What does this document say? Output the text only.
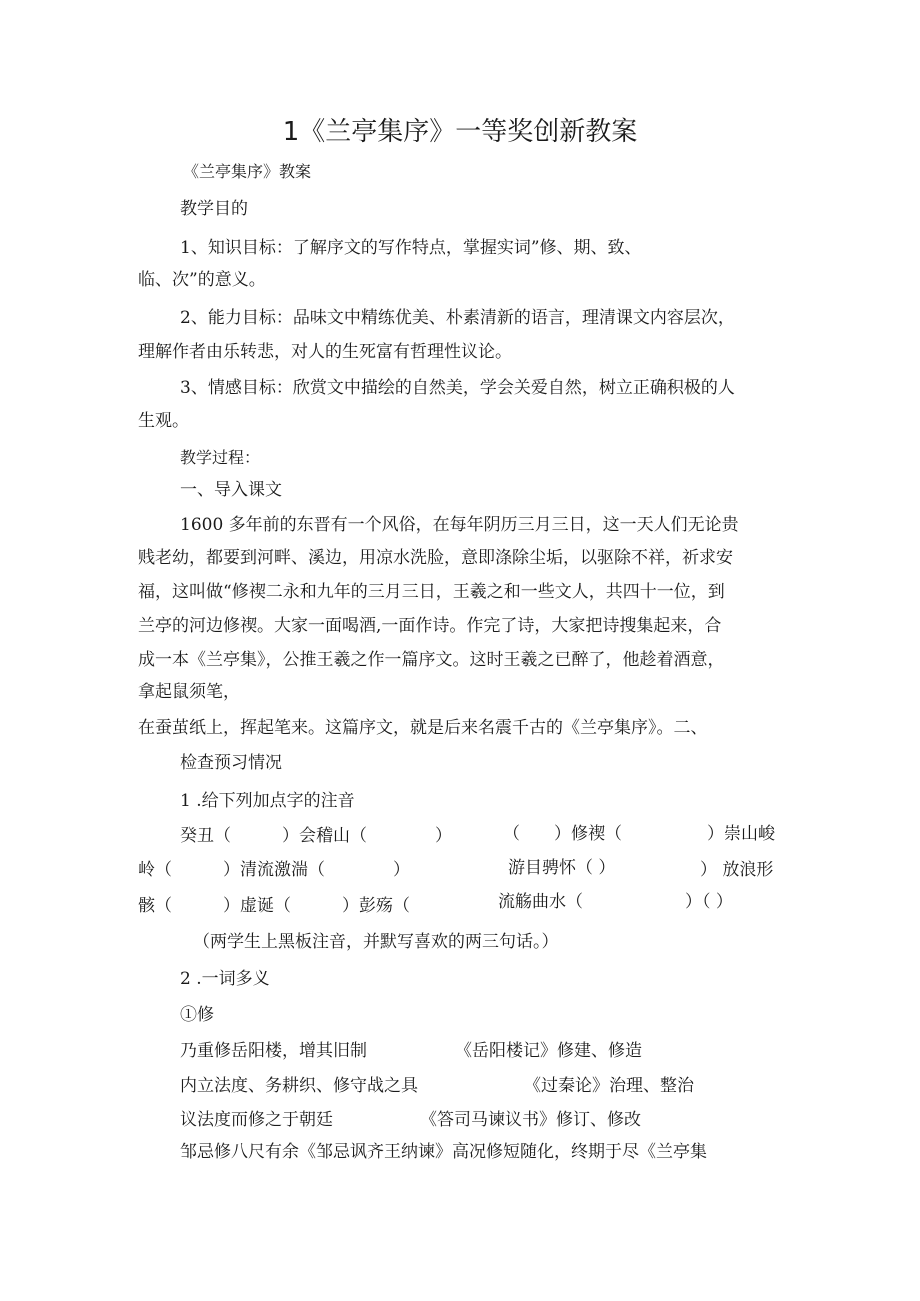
1《兰亭集序》一等奖创新教案
《兰亭集序》教案
教学目的
1、知识目标：了解序文的写作特点，掌握实词”修、期、致、
临、次”的意义。
2、能力目标：品味文中精练优美、朴素清新的语言，理清课文内容层次，
理解作者由乐转悲，对人的生死富有哲理性议论。
3、情感目标：欣赏文中描绘的自然美，学会关爱自然，树立正确积极的人
生观。
教学过程：
一、导入课文
1600 多年前的东晋有一个风俗，在每年阴历三月三日，这一天人们无论贵
贱老幼，都要到河畔、溪边，用凉水洗脸，意即涤除尘垢，以驱除不祥，祈求安
福，这叫做“修禊二永和九年的三月三日，王羲之和一些文人，共四十一位，到
兰亭的河边修禊。大家一面喝酒,一面作诗。作完了诗，大家把诗搜集起来，合
成一本《兰亭集》，公推王羲之作一篇序文。这时王羲之已醉了，他趁着酒意，
拿起鼠须笔，
在蚕茧纸上，挥起笔来。这篇序文，就是后来名震千古的《兰亭集序》。二、
检查预习情况
1 .给下列加点字的注音
癸丑（　　　）会稽山（　　　　）	（　　）修禊（　　　　　）崇山峻
岭（　　　）清流激湍（　　　　）	游目骋怀（ ）	） 放浪形
骸（　　　）虚诞（　　　）彭殇（	流觞曲水（　　　　　　）（ ）
（两学生上黑板注音，并默写喜欢的两三句话。）
2 .一词多义
①修
乃重修岳阳楼，增其旧制	《岳阳楼记》修建、修造
内立法度、务耕织、修守战之具	《过秦论》治理、整治
议法度而修之于朝廷	《答司马谏议书》修订、修改
邹忌修八尺有余《邹忌讽齐王纳谏》高况修短随化，终期于尽《兰亭集
